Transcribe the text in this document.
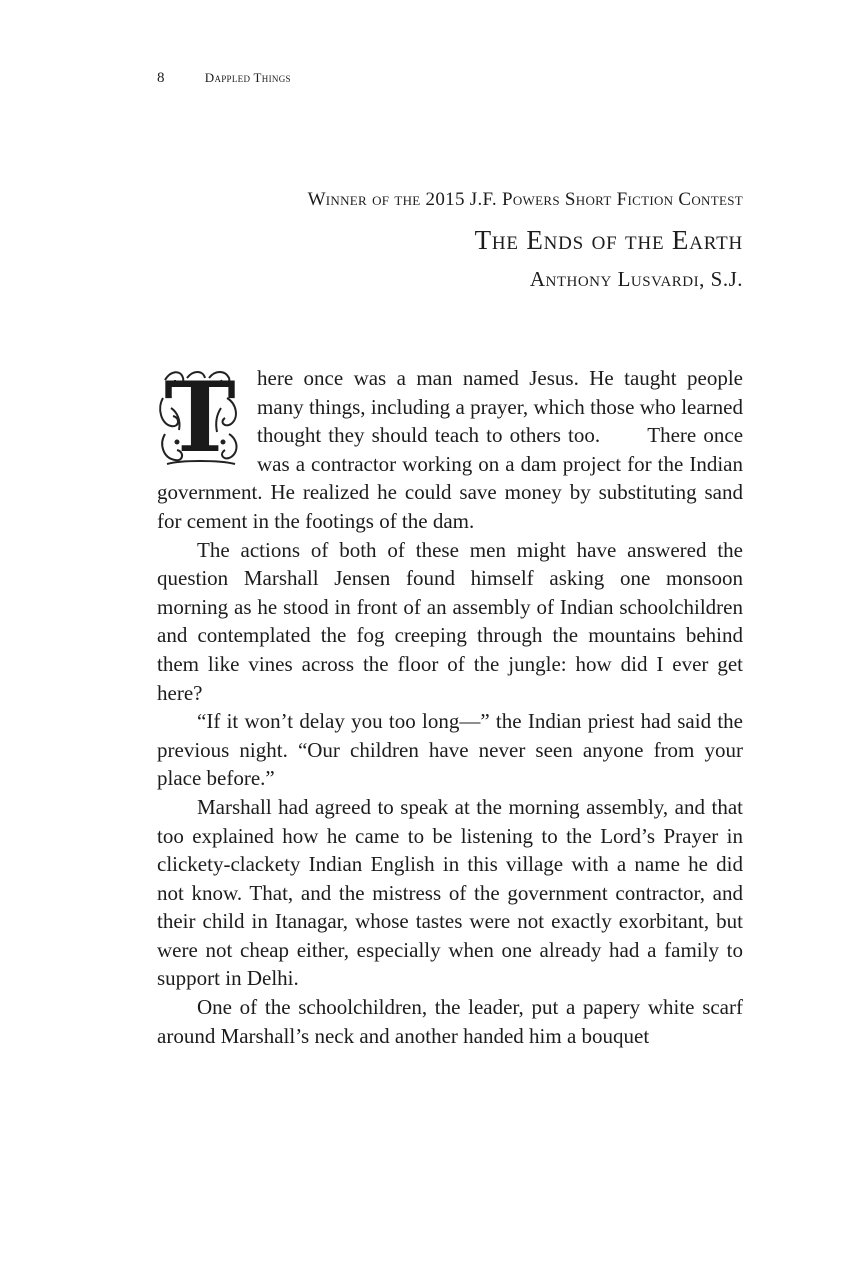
8	Dappled Things
Winner of the 2015 J.F. Powers Short Fiction Contest
The Ends of the Earth
Anthony Lusvardi, S.J.

T	here once was a man named Jesus. He taught people many things, including a prayer, which those who learned thought they should teach to others too. There once was a contractor working on a dam project for the Indian government. He realized he could save money by substituting sand for cement in the footings of the dam.

The actions of both of these men might have answered the question Marshall Jensen found himself asking one monsoon morning as he stood in front of an assembly of Indian schoolchildren and contemplated the fog creeping through the mountains behind them like vines across the floor of the jungle: how did I ever get here?

“If it won’t delay you too long—” the Indian priest had said the previous night. “Our children have never seen anyone from your place before.”

Marshall had agreed to speak at the morning assembly, and that too explained how he came to be listening to the Lord’s Prayer in clickety-clackety Indian English in this village with a name he did not know. That, and the mistress of the government contractor, and their child in Itanagar, whose tastes were not exactly exorbitant, but were not cheap either, especially when one already had a family to support in Delhi.

One of the schoolchildren, the leader, put a papery white scarf around Marshall’s neck and another handed him a bouquet
